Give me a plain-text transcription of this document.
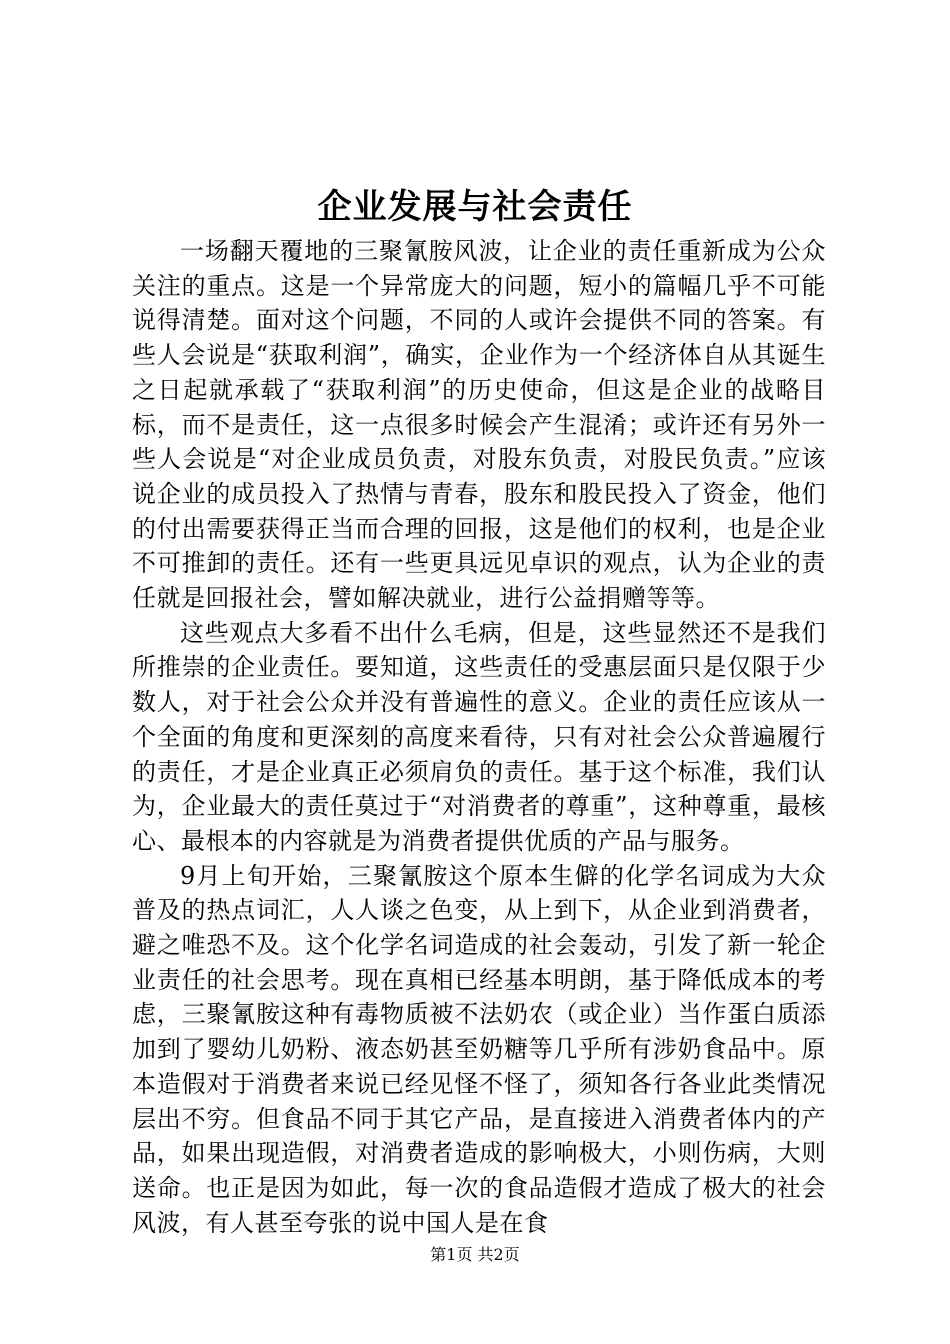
企业发展与社会责任

一场翻天覆地的三聚氰胺风波，让企业的责任重新成为公众关注的重点。这是一个异常庞大的问题，短小的篇幅几乎不可能说得清楚。面对这个问题，不同的人或许会提供不同的答案。有些人会说是“获取利润”，确实，企业作为一个经济体自从其诞生之日起就承载了“获取利润”的历史使命，但这是企业的战略目标，而不是责任，这一点很多时候会产生混淆；或许还有另外一些人会说是“对企业成员负责，对股东负责，对股民负责。”应该说企业的成员投入了热情与青春，股东和股民投入了资金，他们的付出需要获得正当而合理的回报，这是他们的权利，也是企业不可推卸的责任。还有一些更具远见卓识的观点，认为企业的责任就是回报社会，譬如解决就业，进行公益捐赠等等。

这些观点大多看不出什么毛病，但是，这些显然还不是我们所推崇的企业责任。要知道，这些责任的受惠层面只是仅限于少数人，对于社会公众并没有普遍性的意义。企业的责任应该从一个全面的角度和更深刻的高度来看待，只有对社会公众普遍履行的责任，才是企业真正必须肩负的责任。基于这个标准，我们认为，企业最大的责任莫过于“对消费者的尊重”，这种尊重，最核心、最根本的内容就是为消费者提供优质的产品与服务。

9月上旬开始，三聚氰胺这个原本生僻的化学名词成为大众普及的热点词汇，人人谈之色变，从上到下，从企业到消费者，避之唯恐不及。这个化学名词造成的社会轰动，引发了新一轮企业责任的社会思考。现在真相已经基本明朗，基于降低成本的考虑，三聚氰胺这种有毒物质被不法奶农（或企业）当作蛋白质添加到了婴幼儿奶粉、液态奶甚至奶糖等几乎所有涉奶食品中。原本造假对于消费者来说已经见怪不怪了，须知各行各业此类情况层出不穷。但食品不同于其它产品，是直接进入消费者体内的产品，如果出现造假，对消费者造成的影响极大，小则伤病，大则送命。也正是因为如此，每一次的食品造假才造成了极大的社会风波，有人甚至夸张的说中国人是在食

第1页 共2页
